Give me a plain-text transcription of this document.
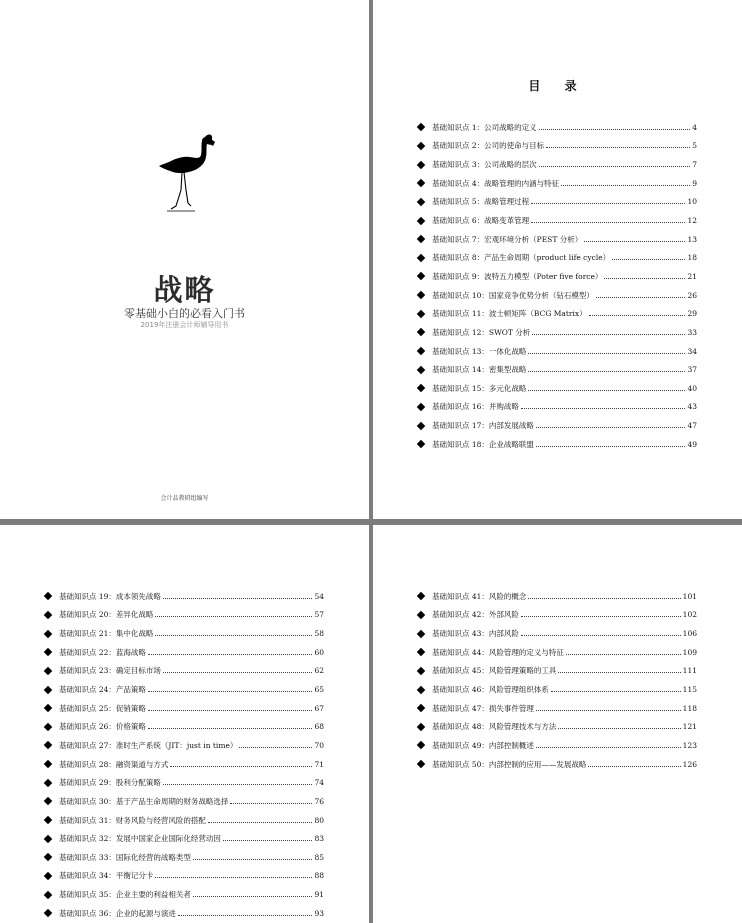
战略
零基础小白的必看入门书
2019年注册会计师辅导用书
会计品教研组编写
目 录
基础知识点 1：公司战略的定义	4
基础知识点 2：公司的使命与目标	5
基础知识点 3：公司战略的层次	7
基础知识点 4：战略管理的内涵与特征	9
基础知识点 5：战略管理过程	10
基础知识点 6：战略变革管理	12
基础知识点 7：宏观环境分析（PEST 分析）	13
基础知识点 8：产品生命周期（product life cycle）	18
基础知识点 9：波特五力模型（Poter five force）	21
基础知识点 10：国家竞争优势分析（钻石模型）	26
基础知识点 11：波士顿矩阵（BCG Matrix）	29
基础知识点 12：SWOT 分析	33
基础知识点 13：一体化战略	34
基础知识点 14：密集型战略	37
基础知识点 15：多元化战略	40
基础知识点 16：并购战略	43
基础知识点 17：内部发展战略	47
基础知识点 18：企业战略联盟	49
基础知识点 19：成本领先战略	54
基础知识点 20：差异化战略	57
基础知识点 21：集中化战略	58
基础知识点 22：蓝海战略	60
基础知识点 23：确定目标市场	62
基础知识点 24：产品策略	65
基础知识点 25：促销策略	67
基础知识点 26：价格策略	68
基础知识点 27：准时生产系统（JIT：just in time）	70
基础知识点 28：融资渠道与方式	71
基础知识点 29：股利分配策略	74
基础知识点 30：基于产品生命周期的财务战略选择	76
基础知识点 31：财务风险与经营风险的搭配	80
基础知识点 32：发展中国家企业国际化经营动因	83
基础知识点 33：国际化经营的战略类型	85
基础知识点 34：平衡记分卡	88
基础知识点 35：企业主要的利益相关者	91
基础知识点 36：企业的起源与演进	93
基础知识点 41：风险的概念	101
基础知识点 42：外部风险	102
基础知识点 43：内部风险	106
基础知识点 44：风险管理的定义与特征	109
基础知识点 45：风险管理策略的工具	111
基础知识点 46：风险管理组织体系	115
基础知识点 47：损失事件管理	118
基础知识点 48：风险管理技术与方法	121
基础知识点 49：内部控制概述	123
基础知识点 50：内部控制的应用——发展战略	126
